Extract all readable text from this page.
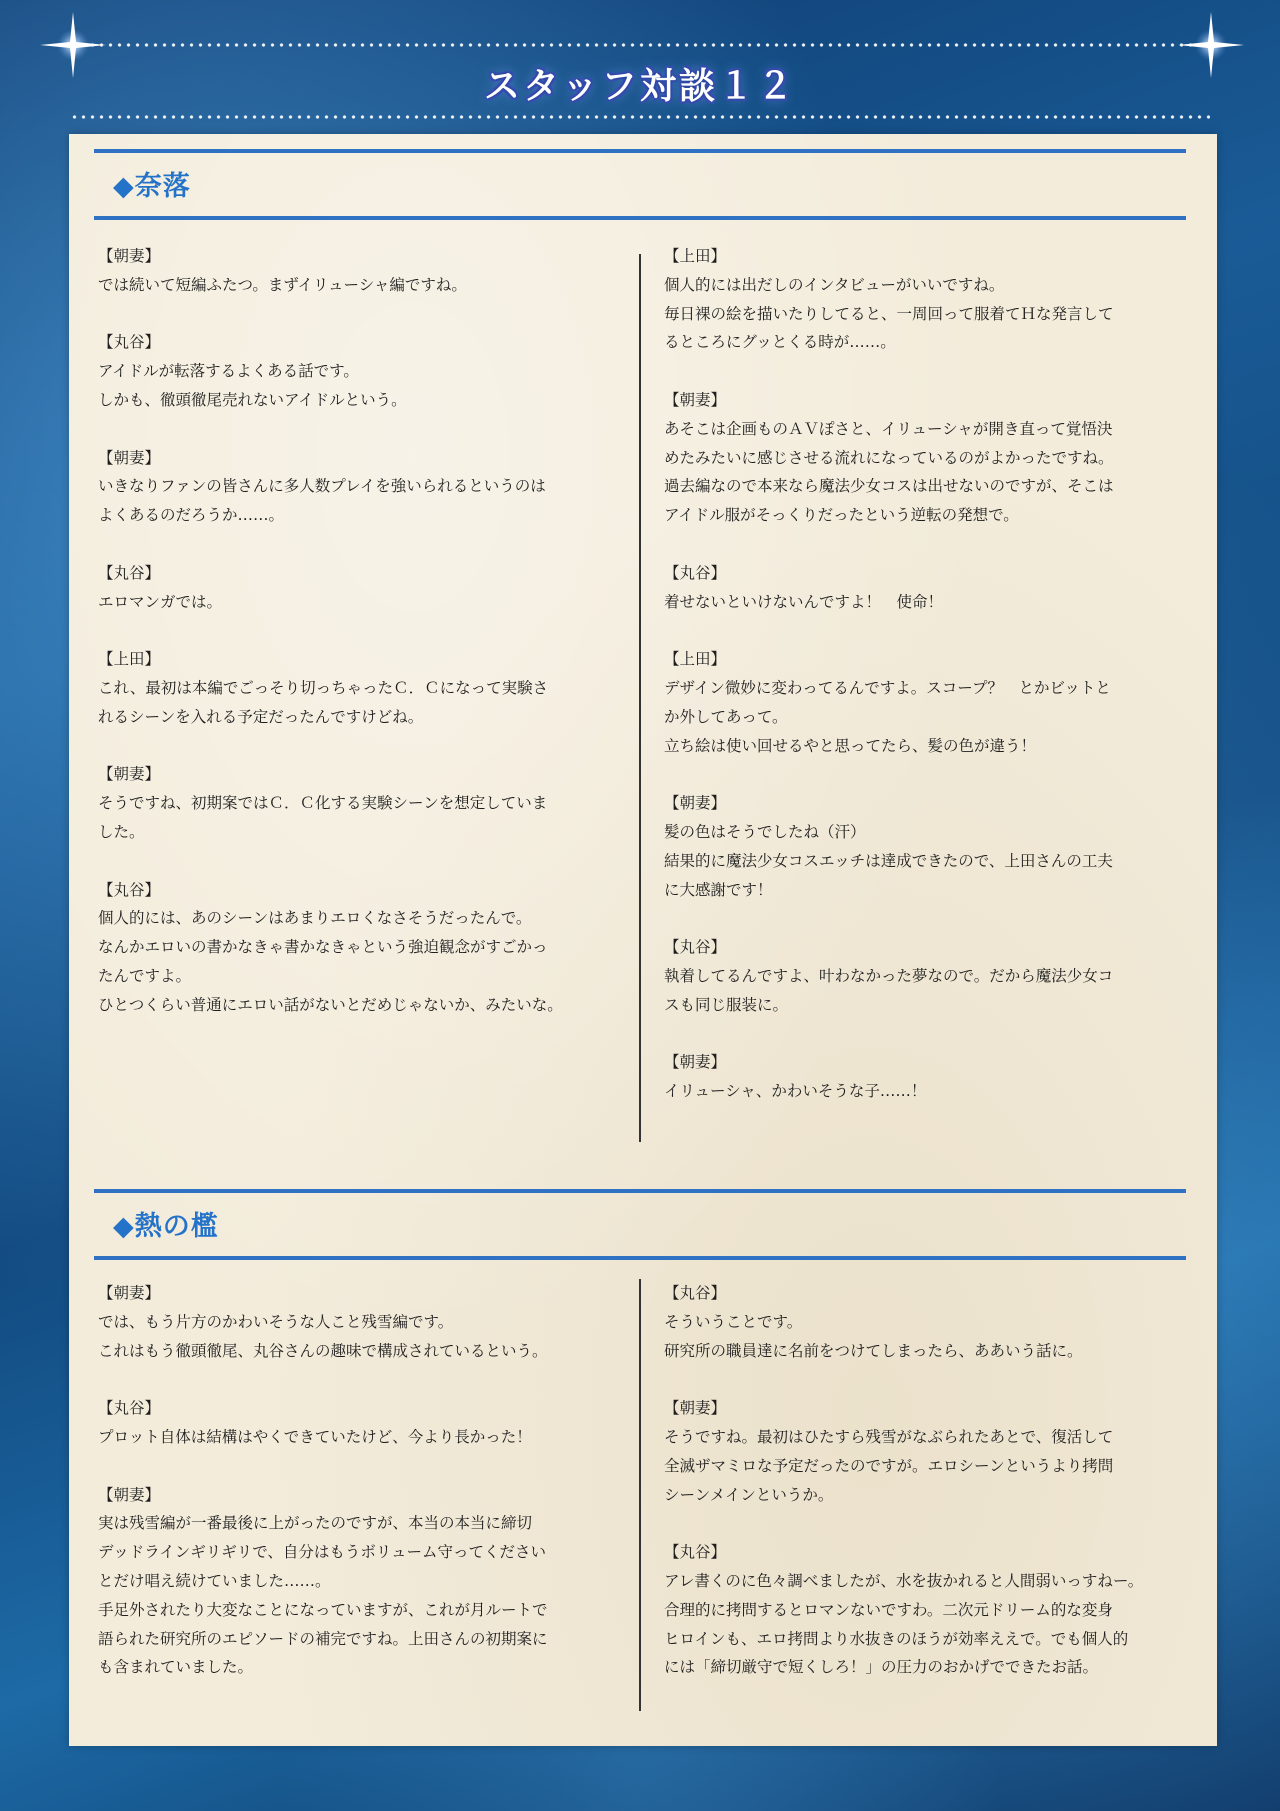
スタッフ対談１２
◆奈落
【朝妻】
では続いて短編ふたつ。まずイリューシャ編ですね。
【丸谷】
アイドルが転落するよくある話です。
しかも、徹頭徹尾売れないアイドルという。
【朝妻】
いきなりファンの皆さんに多人数プレイを強いられるというのは
よくあるのだろうか……。
【丸谷】
エロマンガでは。
【上田】
これ、最初は本編でごっそり切っちゃったＣ．Ｃになって実験さ
れるシーンを入れる予定だったんですけどね。
【朝妻】
そうですね、初期案ではＣ．Ｃ化する実験シーンを想定していま
した。
【丸谷】
個人的には、あのシーンはあまりエロくなさそうだったんで。
なんかエロいの書かなきゃ書かなきゃという強迫観念がすごかっ
たんですよ。
ひとつくらい普通にエロい話がないとだめじゃないか、みたいな。
【上田】
個人的には出だしのインタビューがいいですね。
毎日裸の絵を描いたりしてると、一周回って服着てＨな発言して
るところにグッとくる時が……。
【朝妻】
あそこは企画ものＡＶぽさと、イリューシャが開き直って覚悟決
めたみたいに感じさせる流れになっているのがよかったですね。
過去編なので本来なら魔法少女コスは出せないのですが、そこは
アイドル服がそっくりだったという逆転の発想で。
【丸谷】
着せないといけないんですよ！　使命！
【上田】
デザイン微妙に変わってるんですよ。スコープ？　とかビットと
か外してあって。
立ち絵は使い回せるやと思ってたら、髪の色が違う！
【朝妻】
髪の色はそうでしたね（汗）
結果的に魔法少女コスエッチは達成できたので、上田さんの工夫
に大感謝です！
【丸谷】
執着してるんですよ、叶わなかった夢なので。だから魔法少女コ
スも同じ服装に。
【朝妻】
イリューシャ、かわいそうな子……！
◆熱の檻
【朝妻】
では、もう片方のかわいそうな人こと残雪編です。
これはもう徹頭徹尾、丸谷さんの趣味で構成されているという。
【丸谷】
プロット自体は結構はやくできていたけど、今より長かった！
【朝妻】
実は残雪編が一番最後に上がったのですが、本当の本当に締切
デッドラインギリギリで、自分はもうボリューム守ってください
とだけ唱え続けていました……。
手足外されたり大変なことになっていますが、これが月ルートで
語られた研究所のエピソードの補完ですね。上田さんの初期案に
も含まれていました。
【丸谷】
そういうことです。
研究所の職員達に名前をつけてしまったら、ああいう話に。
【朝妻】
そうですね。最初はひたすら残雪がなぶられたあとで、復活して
全滅ザマミロな予定だったのですが。エロシーンというより拷問
シーンメインというか。
【丸谷】
アレ書くのに色々調べましたが、水を抜かれると人間弱いっすねー。
合理的に拷問するとロマンないですわ。二次元ドリーム的な変身
ヒロインも、エロ拷問より水抜きのほうが効率ええで。でも個人的
には「締切厳守で短くしろ！」の圧力のおかげでできたお話。
